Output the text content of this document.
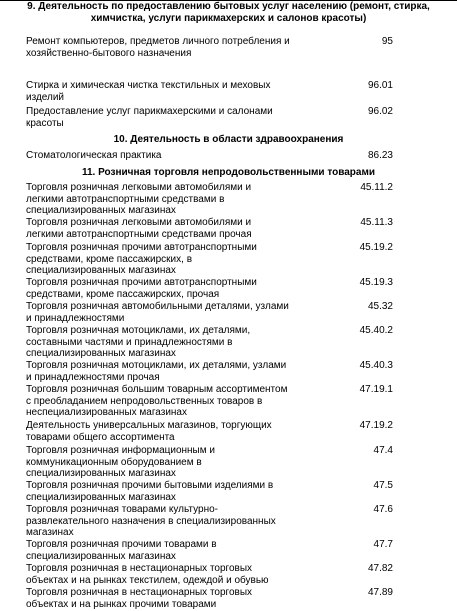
9. Деятельность по предоставлению бытовых услуг населению (ремонт, стирка, химчистка, услуги парикмахерских и салонов красоты)
Ремонт компьютеров, предметов личного потребления и хозяйственно-бытового назначения
95
Стирка и химическая чистка текстильных и меховых изделий
96.01
Предоставление услуг парикмахерскими и салонами красоты
96.02
10. Деятельность в области здравоохранения
Стоматологическая практика	86.23
11. Розничная торговля непродовольственными товарами
Торговля розничная легковыми автомобилями и легкими автотранспортными средствами в специализированных магазинах
45.11.2
Торговля розничная легковыми автомобилями и легкими автотранспортными средствами прочая
45.11.3
Торговля розничная прочими автотранспортными средствами, кроме пассажирских, в специализированных магазинах
45.19.2
Торговля розничная прочими автотранспортными средствами, кроме пассажирских, прочая
45.19.3
Торговля розничная автомобильными деталями, узлами и принадлежностями
45.32
Торговля розничная мотоциклами, их деталями, составными частями и принадлежностями в специализированных магазинах
45.40.2
Торговля розничная мотоциклами, их деталями, узлами и принадлежностями прочая
45.40.3
Торговля розничная большим товарным ассортиментом с преобладанием непродовольственных товаров в неспециализированных магазинах
47.19.1
Деятельность универсальных магазинов, торгующих товарами общего ассортимента
47.19.2
Торговля розничная информационным и коммуникационным оборудованием в специализированных магазинах
47.4
Торговля розничная прочими бытовыми изделиями в специализированных магазинах
47.5
Торговля розничная товарами культурно-развлекательного назначения в специализированных магазинах
47.6
Торговля розничная прочими товарами в специализированных магазинах
47.7
Торговля розничная в нестационарных торговых объектах и на рынках текстилем, одеждой и обувью
47.82
Торговля розничная в нестационарных торговых объектах и на рынках прочими товарами
47.89
